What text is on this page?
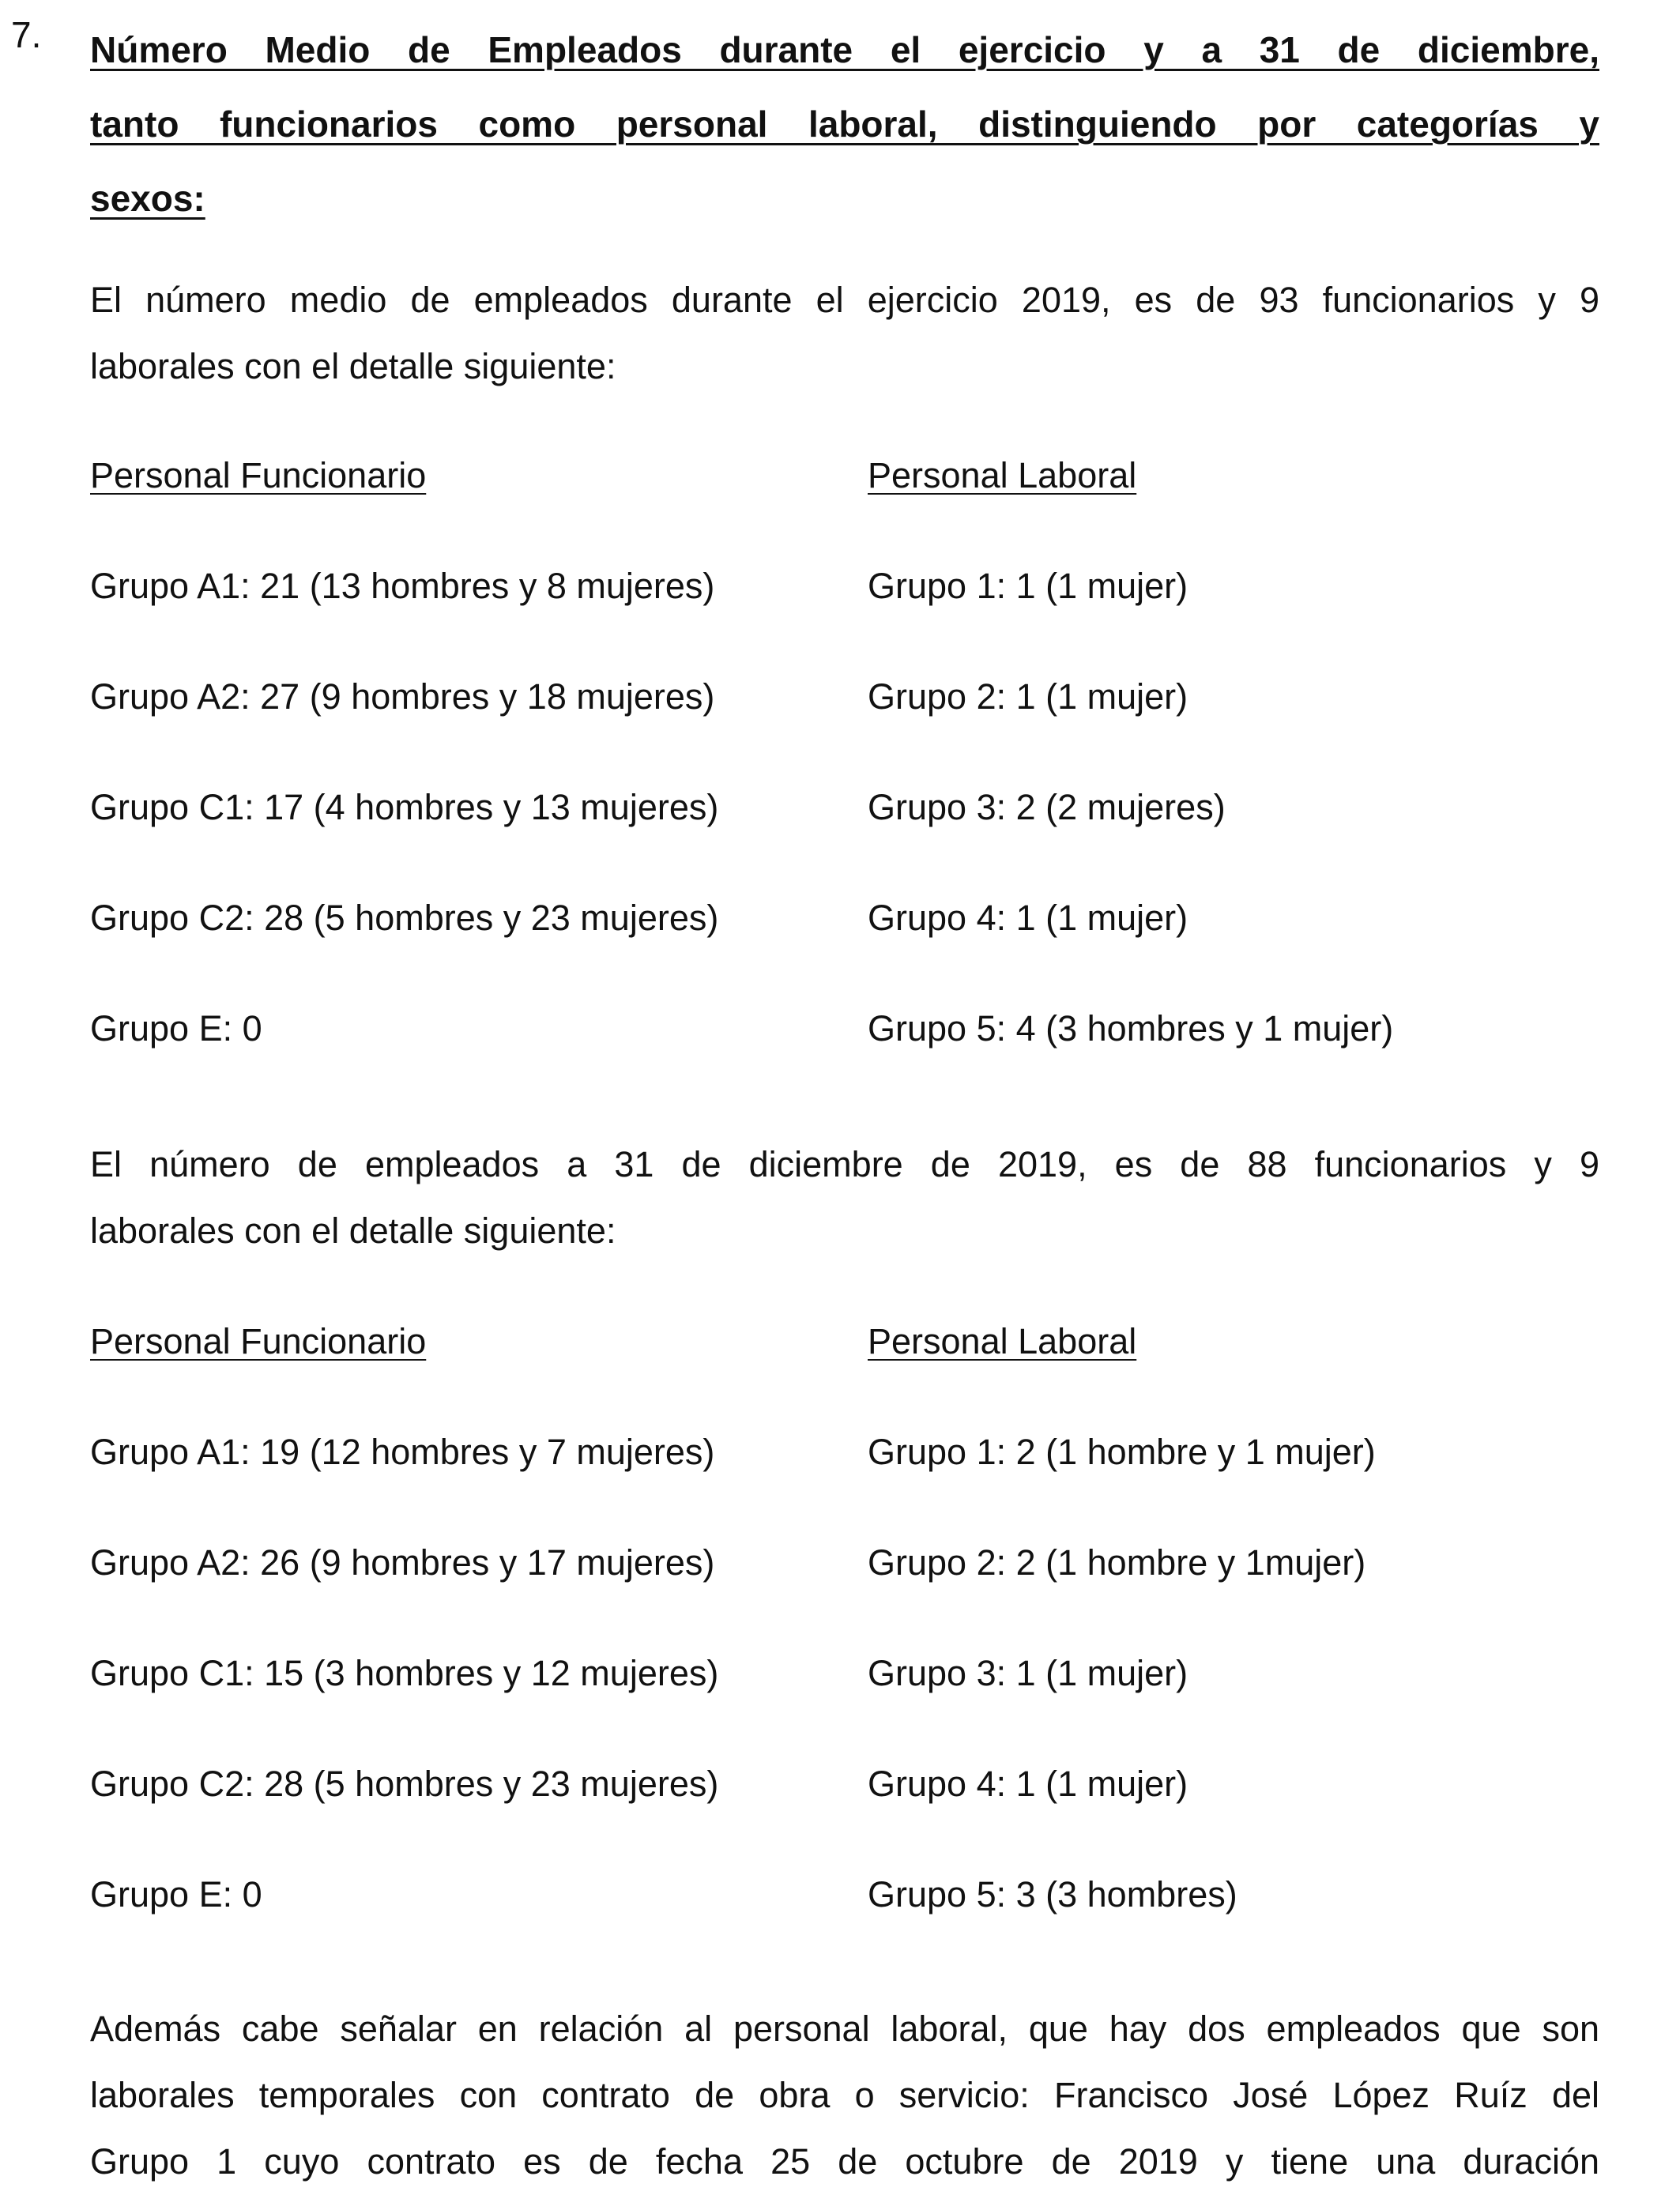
7. Número Medio de Empleados durante el ejercicio y a 31 de diciembre,
tanto funcionarios como personal laboral, distinguiendo por categorías y
sexos:
El número medio de empleados durante el ejercicio 2019, es de 93 funcionarios y 9
laborales con el detalle siguiente:
Personal Funcionario	Personal Laboral
Grupo A1: 21 (13 hombres y 8 mujeres)
Grupo A2: 27 (9 hombres y 18 mujeres)
Grupo C1: 17 (4 hombres y 13 mujeres)
Grupo C2: 28 (5 hombres y 23 mujeres)
Grupo E: 0
Grupo 1: 1 (1 mujer)
Grupo 2: 1 (1 mujer)
Grupo 3: 2 (2 mujeres)
Grupo 4: 1 (1 mujer)
Grupo 5: 4 (3 hombres y 1 mujer)
El número de empleados a 31 de diciembre de 2019, es de 88 funcionarios y 9
laborales con el detalle siguiente:
Personal Funcionario	Personal Laboral
Grupo A1: 19 (12 hombres y 7 mujeres)
Grupo A2: 26 (9 hombres y 17 mujeres)
Grupo C1: 15 (3 hombres y 12 mujeres)
Grupo C2: 28 (5 hombres y 23 mujeres)
Grupo E: 0
Grupo 1: 2 (1 hombre y 1 mujer)
Grupo 2: 2 (1 hombre y 1mujer)
Grupo 3: 1 (1 mujer)
Grupo 4: 1 (1 mujer)
Grupo 5: 3 (3 hombres)
Además cabe señalar en relación al personal laboral, que hay dos empleados que son
laborales temporales con contrato de obra o servicio: Francisco José López Ruíz del
Grupo 1 cuyo contrato es de fecha 25 de octubre de 2019 y tiene una duración
